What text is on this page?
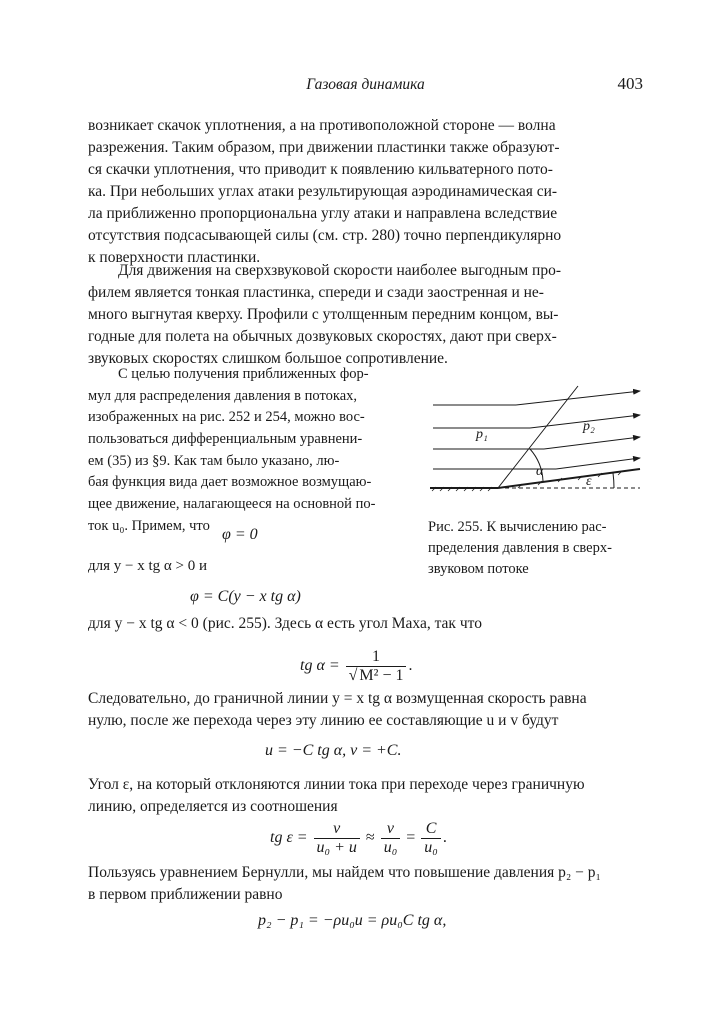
Газовая динамика	403
возникает скачок уплотнения, а на противоположной стороне — волна
разрежения. Таким образом, при движении пластинки также образуют-
ся скачки уплотнения, что приводит к появлению кильватерного пото-
ка. При небольших углах атаки результирующая аэродинамическая си-
ла приближенно пропорциональна углу атаки и направлена вследствие
отсутствия подсасывающей силы (см. стр. 280) точно перпендикулярно
к поверхности пластинки.
Для движения на сверхзвуковой скорости наиболее выгодным про-
филем является тонкая пластинка, спереди и сзади заостренная и не-
много выгнутая кверху. Профили с утолщенным передним концом, вы-
годные для полета на обычных дозвуковых скоростях, дают при сверх-
звуковых скоростях слишком большое сопротивление.
С целью получения приближенных фор-
мул для распределения давления в потоках,
изображенных на рис. 252 и 254, можно вос-
пользоваться дифференциальным уравнени-
ем (35) из §9. Как там было указано, лю-
бая функция вида дает возможное возмущаю-
щее движение, налагающееся на основной по-
ток u₀. Примем, что
p₁
p₂
α
ε
Рис. 255. К вычислению рас-
пределения давления в сверх-
звуковом потоке
φ = 0
для y − x tg α > 0 и
φ = C(y − x tg α)
для y − x tg α < 0 (рис. 255). Здесь α есть угол Маха, так что
tg $\alpha = \frac{1}{\text{√ M² − 1}}$ .
Следовательно, до граничной линии y = x tg α возмущенная скорость равна
нулю, после же перехода через эту линию ее составляющие u и v будут
u = −C tg α, v = +C.
Угол ε, на который отклоняются линии тока при переходе через граничную
линию, определяется из соотношения
tg $\varepsilon = \frac{v}{\text{u₀ + u}} \approx \frac{v}{\text{u₀}} = \frac{C}{\text{u₀}}$ .
Пользуясь уравнением Бернулли, мы найдем что повышение давления p₂ − p₁
в первом приближении равно
p₂ − p₁ = −ρu₀u = ρu₀C tg α,
